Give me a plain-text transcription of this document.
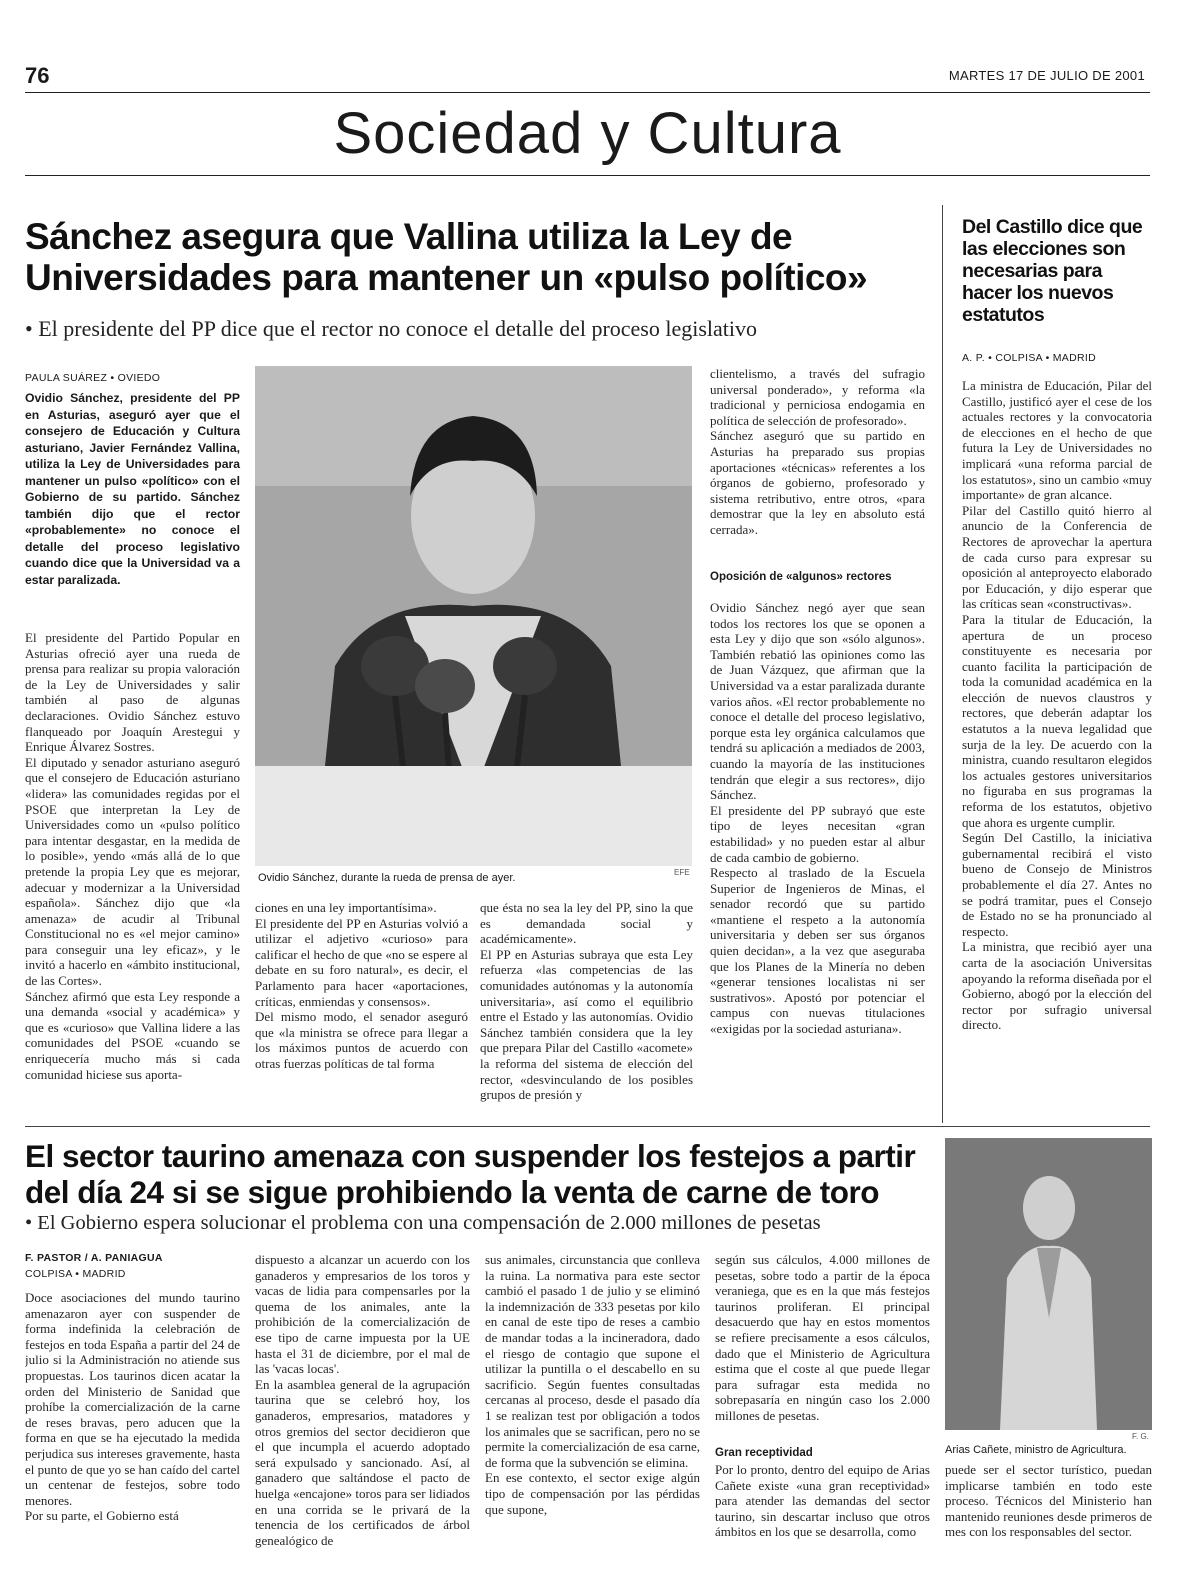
76	MARTES 17 DE JULIO DE 2001
Sociedad y Cultura
Sánchez asegura que Vallina utiliza la Ley de Universidades para mantener un «pulso político»
• El presidente del PP dice que el rector no conoce el detalle del proceso legislativo
PAULA SUÁREZ • OVIEDO
Ovidio Sánchez, presidente del PP en Asturias, aseguró ayer que el consejero de Educación y Cultura asturiano, Javier Fernández Vallina, utiliza la Ley de Universidades para mantener un pulso «político» con el Gobierno de su partido. Sánchez también dijo que el rector «probablemente» no conoce el detalle del proceso legislativo cuando dice que la Universidad va a estar paralizada.
El presidente del Partido Popular en Asturias ofreció ayer una rueda de prensa para realizar su propia valoración de la Ley de Universidades y salir también al paso de algunas declaraciones. Ovidio Sánchez estuvo flanqueado por Joaquín Arestegui y Enrique Álvarez Sostres.
El diputado y senador asturiano aseguró que el consejero de Educación asturiano «lidera» las comunidades regidas por el PSOE que interpretan la Ley de Universidades como un «pulso político para intentar desgastar, en la medida de lo posible», yendo «más allá de lo que pretende la propia Ley que es mejorar, adecuar y modernizar a la Universidad española». Sánchez dijo que «la amenaza» de acudir al Tribunal Constitucional no es «el mejor camino» para conseguir una ley eficaz», y le invitó a hacerlo en «ámbito institucional, de las Cortes».
Sánchez afirmó que esta Ley responde a una demanda «social y académica» y que es «curioso» que Vallina lidere a las comunidades del PSOE «cuando se enriquecería mucho más si cada comunidad hiciese sus aporta-
Ovidio Sánchez, durante la rueda de prensa de ayer.	EFE
ciones en una ley importantísima».
El presidente del PP en Asturias volvió a utilizar el adjetivo «curioso» para calificar el hecho de que «no se espere al debate en su foro natural», es decir, el Parlamento para hacer «aportaciones, críticas, enmiendas y consensos».
Del mismo modo, el senador aseguró que «la ministra se ofrece para llegar a los máximos puntos de acuerdo con otras fuerzas políticas de tal forma
que ésta no sea la ley del PP, sino la que es demandada social y académicamente».
El PP en Asturias subraya que esta Ley refuerza «las competencias de las comunidades autónomas y la autonomía universitaria», así como el equilibrio entre el Estado y las autonomías. Ovidio Sánchez también considera que la ley que prepara Pilar del Castillo «acomete» la reforma del sistema de elección del rector, «desvinculando de los posibles grupos de presión y
clientelismo, a través del sufragio universal ponderado», y reforma «la tradicional y perniciosa endogamia en política de selección de profesorado».
Sánchez aseguró que su partido en Asturias ha preparado sus propias aportaciones «técnicas» referentes a los órganos de gobierno, profesorado y sistema retributivo, entre otros, «para demostrar que la ley en absoluto está cerrada».
Oposición de «algunos» rectores
Ovidio Sánchez negó ayer que sean todos los rectores los que se oponen a esta Ley y dijo que son «sólo algunos». También rebatió las opiniones como las de Juan Vázquez, que afirman que la Universidad va a estar paralizada durante varios años. «El rector probablemente no conoce el detalle del proceso legislativo, porque esta ley orgánica calculamos que tendrá su aplicación a mediados de 2003, cuando la mayoría de las instituciones tendrán que elegir a sus rectores», dijo Sánchez.
El presidente del PP subrayó que este tipo de leyes necesitan «gran estabilidad» y no pueden estar al albur de cada cambio de gobierno.
Respecto al traslado de la Escuela Superior de Ingenieros de Minas, el senador recordó que su partido «mantiene el respeto a la autonomía universitaria y deben ser sus órganos quien decidan», a la vez que aseguraba que los Planes de la Minería no deben «generar tensiones localistas ni ser sustrativos». Apostó por potenciar el campus con nuevas titulaciones «exigidas por la sociedad asturiana».
Del Castillo dice que las elecciones son necesarias para hacer los nuevos estatutos
A. P. • COLPISA • MADRID
La ministra de Educación, Pilar del Castillo, justificó ayer el cese de los actuales rectores y la convocatoria de elecciones en el hecho de que futura la Ley de Universidades no implicará «una reforma parcial de los estatutos», sino un cambio «muy importante» de gran alcance.
Pilar del Castillo quitó hierro al anuncio de la Conferencia de Rectores de aprovechar la apertura de cada curso para expresar su oposición al anteproyecto elaborado por Educación, y dijo esperar que las críticas sean «constructivas».
Para la titular de Educación, la apertura de un proceso constituyente es necesaria por cuanto facilita la participación de toda la comunidad académica en la elección de nuevos claustros y rectores, que deberán adaptar los estatutos a la nueva legalidad que surja de la ley. De acuerdo con la ministra, cuando resultaron elegidos los actuales gestores universitarios no figuraba en sus programas la reforma de los estatutos, objetivo que ahora es urgente cumplir.
Según Del Castillo, la iniciativa gubernamental recibirá el visto bueno de Consejo de Ministros probablemente el día 27. Antes no se podrá tramitar, pues el Consejo de Estado no se ha pronunciado al respecto.
La ministra, que recibió ayer una carta de la asociación Universitas apoyando la reforma diseñada por el Gobierno, abogó por la elección del rector por sufragio universal directo.
El sector taurino amenaza con suspender los festejos a partir del día 24 si se sigue prohibiendo la venta de carne de toro
• El Gobierno espera solucionar el problema con una compensación de 2.000 millones de pesetas
F. PASTOR / A. PANIAGUA
COLPISA • MADRID
Doce asociaciones del mundo taurino amenazaron ayer con suspender de forma indefinida la celebración de festejos en toda España a partir del 24 de julio si la Administración no atiende sus propuestas. Los taurinos dicen acatar la orden del Ministerio de Sanidad que prohíbe la comercialización de la carne de reses bravas, pero aducen que la forma en que se ha ejecutado la medida perjudica sus intereses gravemente, hasta el punto de que yo se han caído del cartel un centenar de festejos, sobre todo menores.
Por su parte, el Gobierno está
dispuesto a alcanzar un acuerdo con los ganaderos y empresarios de los toros y vacas de lidia para compensarles por la quema de los animales, ante la prohibición de la comercialización de ese tipo de carne impuesta por la UE hasta el 31 de diciembre, por el mal de las 'vacas locas'.
En la asamblea general de la agrupación taurina que se celebró hoy, los ganaderos, empresarios, matadores y otros gremios del sector decidieron que el que incumpla el acuerdo adoptado será expulsado y sancionado. Así, al ganadero que saltándose el pacto de huelga «encajone» toros para ser lidiados en una corrida se le privará de la tenencia de los certificados de árbol genealógico de
sus animales, circunstancia que conlleva la ruina. La normativa para este sector cambió el pasado 1 de julio y se eliminó la indemnización de 333 pesetas por kilo en canal de este tipo de reses a cambio de mandar todas a la incineradora, dado el riesgo de contagio que supone el utilizar la puntilla o el descabello en su sacrificio. Según fuentes consultadas cercanas al proceso, desde el pasado día 1 se realizan test por obligación a todos los animales que se sacrifican, pero no se permite la comercialización de esa carne, de forma que la subvención se elimina.
En ese contexto, el sector exige algún tipo de compensación por las pérdidas que supone,
según sus cálculos, 4.000 millones de pesetas, sobre todo a partir de la época veraniega, que es en la que más festejos taurinos proliferan. El principal desacuerdo que hay en estos momentos se refiere precisamente a esos cálculos, dado que el Ministerio de Agricultura estima que el coste al que puede llegar para sufragar esta medida no sobrepasaría en ningún caso los 2.000 millones de pesetas.
Gran receptividad
Por lo pronto, dentro del equipo de Arias Cañete existe «una gran receptividad» para atender las demandas del sector taurino, sin descartar incluso que otros ámbitos en los que se desarrolla, como
F. G.
Arias Cañete, ministro de Agricultura.
puede ser el sector turístico, puedan implicarse también en todo este proceso. Técnicos del Ministerio han mantenido reuniones desde primeros de mes con los responsables del sector.
